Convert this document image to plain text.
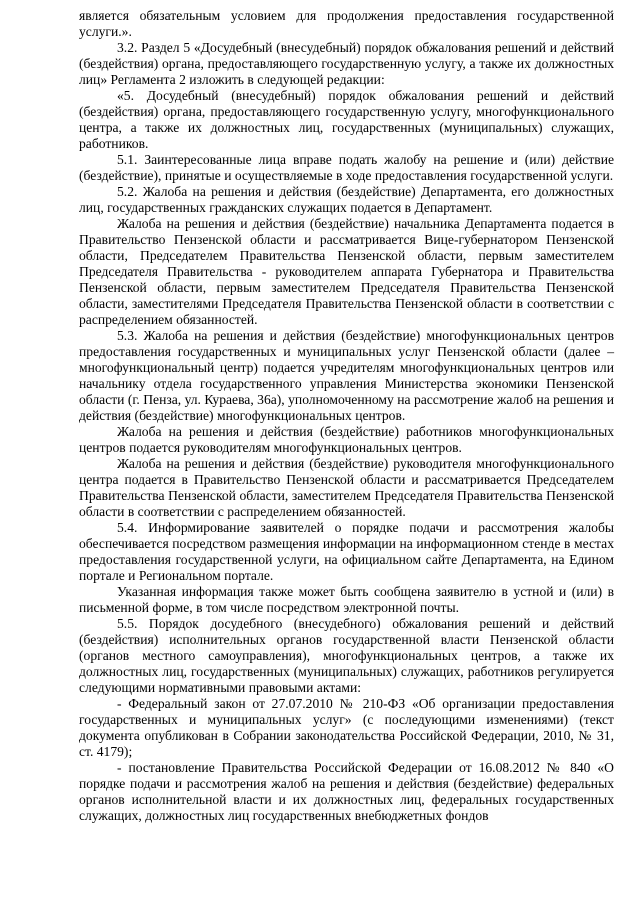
является обязательным условием для продолжения предоставления государственной услуги.».

3.2. Раздел 5 «Досудебный (внесудебный) порядок обжалования решений и действий (бездействия) органа, предоставляющего государственную услугу, а также их должностных лиц» Регламента 2 изложить в следующей редакции:

«5. Досудебный (внесудебный) порядок обжалования решений и действий (бездействия) органа, предоставляющего государственную услугу, многофункционального центра, а также их должностных лиц, государственных (муниципальных) служащих, работников.

5.1. Заинтересованные лица вправе подать жалобу на решение и (или) действие (бездействие), принятые и осуществляемые в ходе предоставления государственной услуги.

5.2. Жалоба на решения и действия (бездействие) Департамента, его должностных лиц, государственных гражданских служащих подается в Департамент.

Жалоба на решения и действия (бездействие) начальника Департамента подается в Правительство Пензенской области и рассматривается Вице-губернатором Пензенской области, Председателем Правительства Пензенской области, первым заместителем Председателя Правительства - руководителем аппарата Губернатора и Правительства Пензенской области, первым заместителем Председателя Правительства Пензенской области, заместителями Председателя Правительства Пензенской области в соответствии с распределением обязанностей.

5.3. Жалоба на решения и действия (бездействие) многофункциональных центров предоставления государственных и муниципальных услуг Пензенской области (далее – многофункциональный центр) подается учредителям многофункциональных центров или начальнику отдела государственного управления Министерства экономики Пензенской области (г. Пенза, ул. Кураева, 36а), уполномоченному на рассмотрение жалоб на решения и действия (бездействие) многофункциональных центров.

Жалоба на решения и действия (бездействие) работников многофункциональных центров подается руководителям многофункциональных центров.

Жалоба на решения и действия (бездействие) руководителя многофункционального центра подается в Правительство Пензенской области и рассматривается Председателем Правительства Пензенской области, заместителем Председателя Правительства Пензенской области в соответствии с распределением обязанностей.

5.4. Информирование заявителей о порядке подачи и рассмотрения жалобы обеспечивается посредством размещения информации на информационном стенде в местах предоставления государственной услуги, на официальном сайте Департамента, на Едином портале и Региональном портале.

Указанная информация также может быть сообщена заявителю в устной и (или) в письменной форме, в том числе посредством электронной почты.

5.5. Порядок досудебного (внесудебного) обжалования решений и действий (бездействия) исполнительных органов государственной власти Пензенской области (органов местного самоуправления), многофункциональных центров, а также их должностных лиц, государственных (муниципальных) служащих, работников регулируется следующими нормативными правовыми актами:

- Федеральный закон от 27.07.2010 № 210-ФЗ «Об организации предоставления государственных и муниципальных услуг» (с последующими изменениями) (текст документа опубликован в Собрании законодательства Российской Федерации, 2010, № 31, ст. 4179);

- постановление Правительства Российской Федерации от 16.08.2012 № 840 «О порядке подачи и рассмотрения жалоб на решения и действия (бездействие) федеральных органов исполнительной власти и их должностных лиц, федеральных государственных служащих, должностных лиц государственных внебюджетных фондов
